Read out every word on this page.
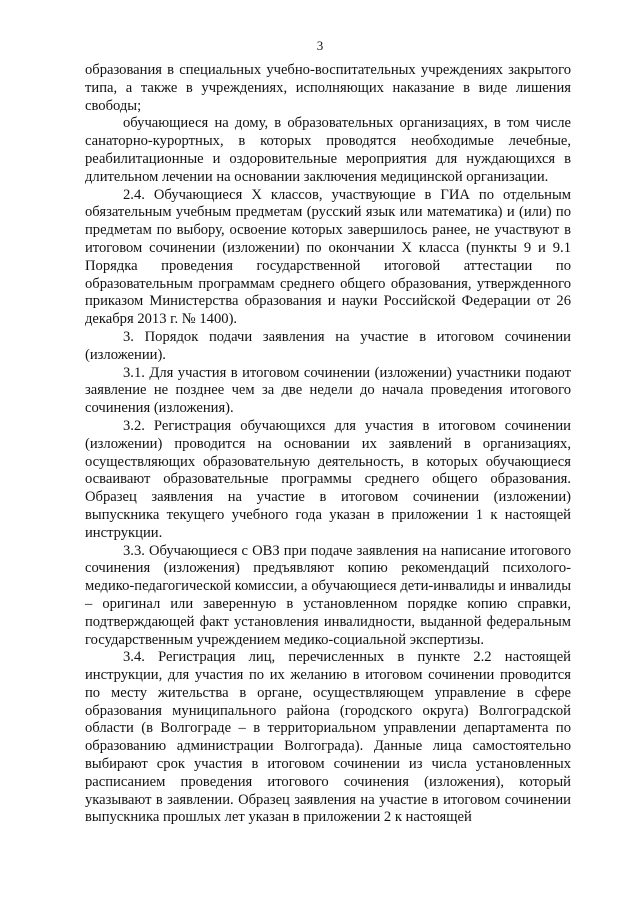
3

образования в специальных учебно-воспитательных учреждениях закрытого типа, а также в учреждениях, исполняющих наказание в виде лишения свободы;

обучающиеся на дому, в образовательных организациях, в том числе санаторно-курортных, в которых проводятся необходимые лечебные, реабилитационные и оздоровительные мероприятия для нуждающихся в длительном лечении на основании заключения медицинской организации.

2.4. Обучающиеся X классов, участвующие в ГИА по отдельным обязательным учебным предметам (русский язык или математика) и (или) по предметам по выбору, освоение которых завершилось ранее, не участвуют в итоговом сочинении (изложении) по окончании X класса (пункты 9 и 9.1 Порядка проведения государственной итоговой аттестации по образовательным программам среднего общего образования, утвержденного приказом Министерства образования и науки Российской Федерации от 26 декабря 2013 г. № 1400).

3. Порядок подачи заявления на участие в итоговом сочинении (изложении).

3.1. Для участия в итоговом сочинении (изложении) участники подают заявление не позднее чем за две недели до начала проведения итогового сочинения (изложения).

3.2. Регистрация обучающихся для участия в итоговом сочинении (изложении) проводится на основании их заявлений в организациях, осуществляющих образовательную деятельность, в которых обучающиеся осваивают образовательные программы среднего общего образования. Образец заявления на участие в итоговом сочинении (изложении) выпускника текущего учебного года указан в приложении 1 к настоящей инструкции.

3.3. Обучающиеся с ОВЗ при подаче заявления на написание итогового сочинения (изложения) предъявляют копию рекомендаций психолого-медико-педагогической комиссии, а обучающиеся дети-инвалиды и инвалиды – оригинал или заверенную в установленном порядке копию справки, подтверждающей факт установления инвалидности, выданной федеральным государственным учреждением медико-социальной экспертизы.

3.4. Регистрация лиц, перечисленных в пункте 2.2 настоящей инструкции, для участия по их желанию в итоговом сочинении проводится по месту жительства в органе, осуществляющем управление в сфере образования муниципального района (городского округа) Волгоградской области (в Волгограде – в территориальном управлении департамента по образованию администрации Волгограда). Данные лица самостоятельно выбирают срок участия в итоговом сочинении из числа установленных расписанием проведения итогового сочинения (изложения), который указывают в заявлении. Образец заявления на участие в итоговом сочинении выпускника прошлых лет указан в приложении 2 к настоящей
